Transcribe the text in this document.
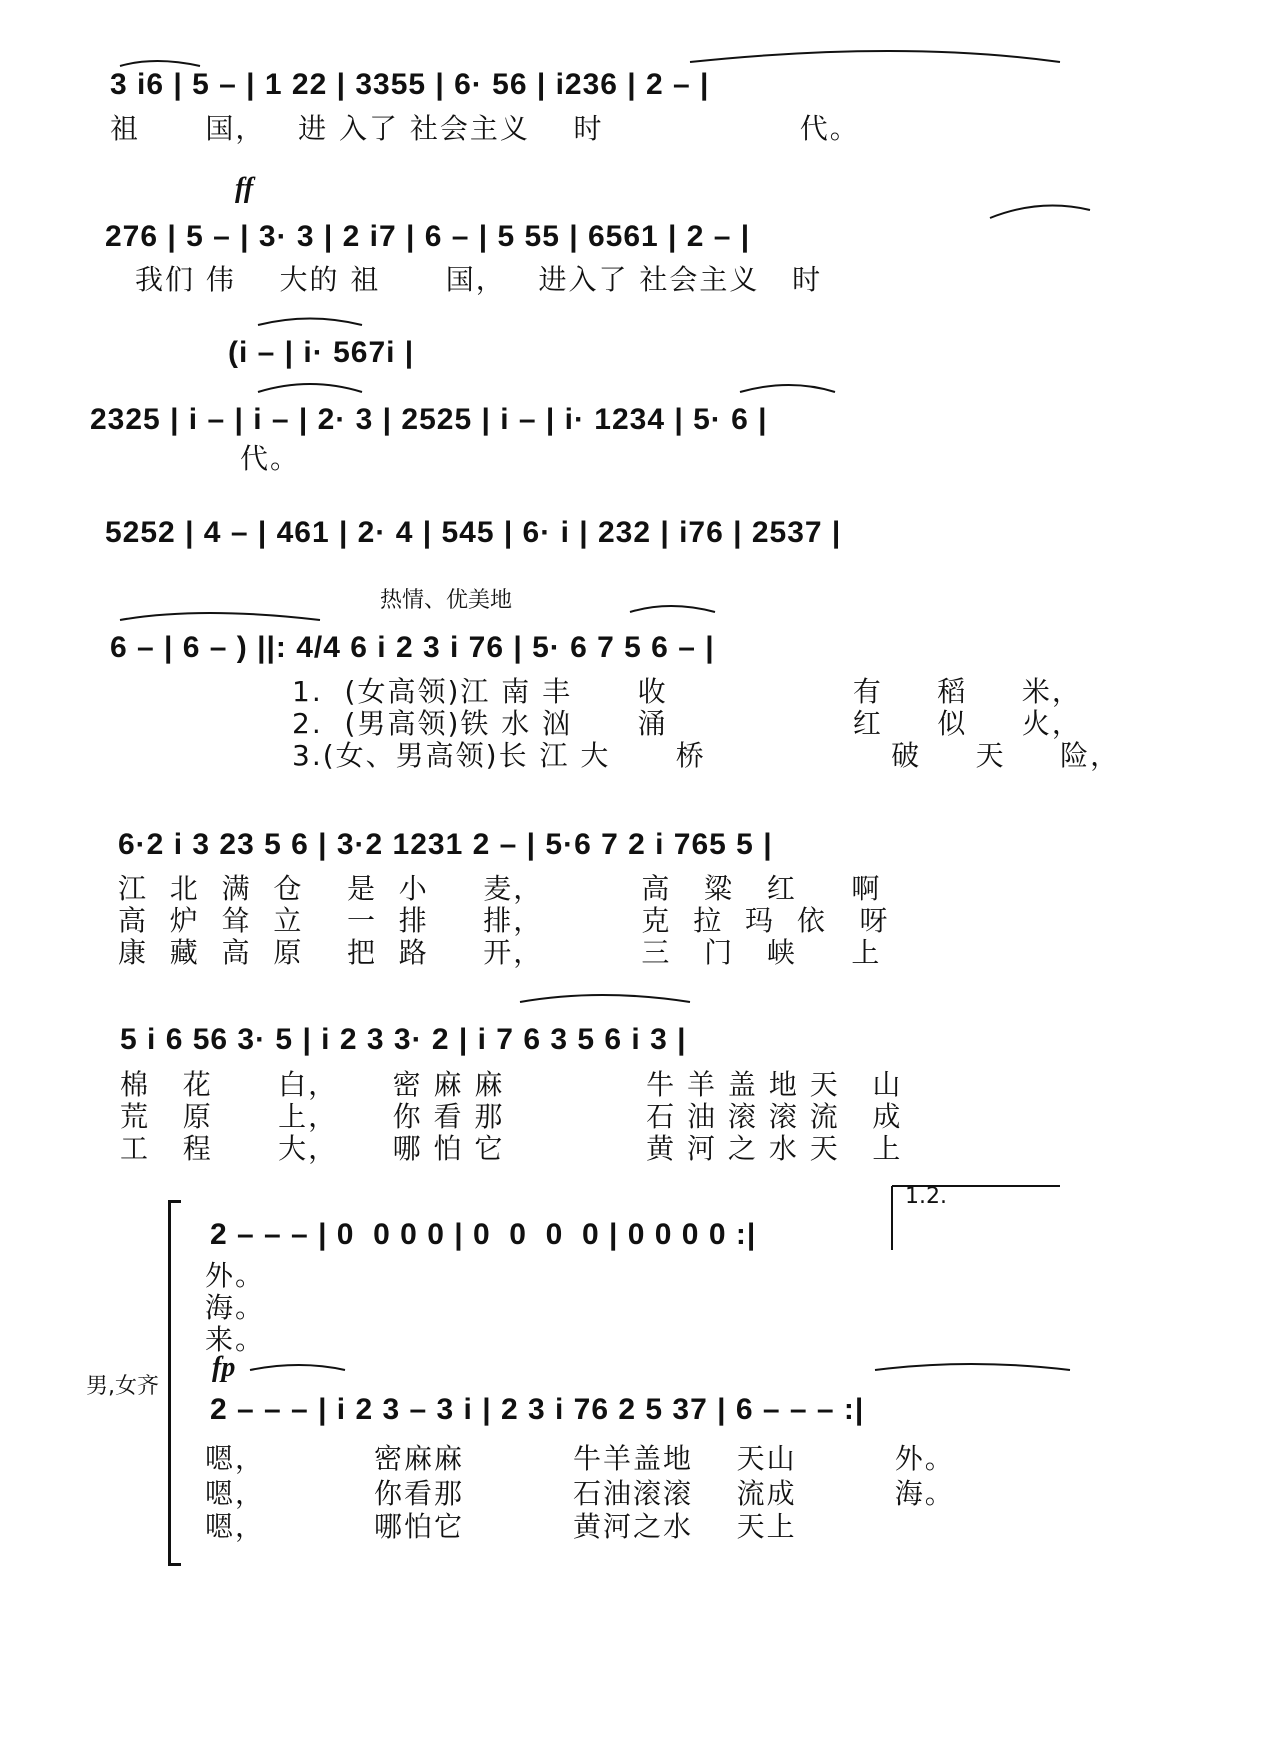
3 i6 | 5 – | 1 22 | 3355 | 6· 56 | i236 | 2 – |
祖      国，   进 入了 社会主义    时                  代。
ff
276 | 5 – | 3· 3 | 2 i7 | 6 – | 5 55 | 6561 | 2 – |
我们 伟    大的 祖      国，   进入了 社会主义   时
(i – | i· 567i |
2325 | i – | i – | 2· 3 | 2525 | i – | i· 1234 | 5· 6 |
代。
5252 | 4 – | 461 | 2· 4 | 545 | 6· i | 232 | i76 | 2537 |
热情、优美地
6 – | 6 – ) ||: 4/4 6 i 2 3 i 76 | 5· 6 7 5 6 – |
1.  (女高领)江 南 丰      收                 有     稻     米，
2.  (男高领)铁 水 汹      涌                 红     似     火，
3.(女、男高领)长 江 大      桥                 破     天     险，
6·2 i 3 23 5 6 | 3·2 1231 2 – | 5·6 7 2 i 765 5 |
江  北  满  仓    是  小     麦，         高   粱   红     啊
高  炉  耸  立    一  排     排，         克  拉  玛  依   呀
康  藏  高  原    把  路     开，         三   门   峡     上
5 i 6 56 3· 5 | i 2 3 3· 2 | i 7 6 3 5 6 i 3 |
棉   花      白，     密 麻 麻             牛 羊 盖 地 天   山
荒   原      上，     你 看 那             石 油 滚 滚 流   成
工   程      大，     哪 怕 它             黄 河 之 水 天   上
男,女齐
1.2.
2 – – – | 0  0 0 0 | 0  0  0  0 | 0 0 0 0 :|
外。
海。
来。
fp
2 – – – | i 2 3 – 3 i | 2 3 i 76 2 5 37 | 6 – – – :|
嗯，          密麻麻          牛羊盖地    天山         外。
嗯，          你看那          石油滚滚    流成         海。
嗯，          哪怕它          黄河之水    天上
